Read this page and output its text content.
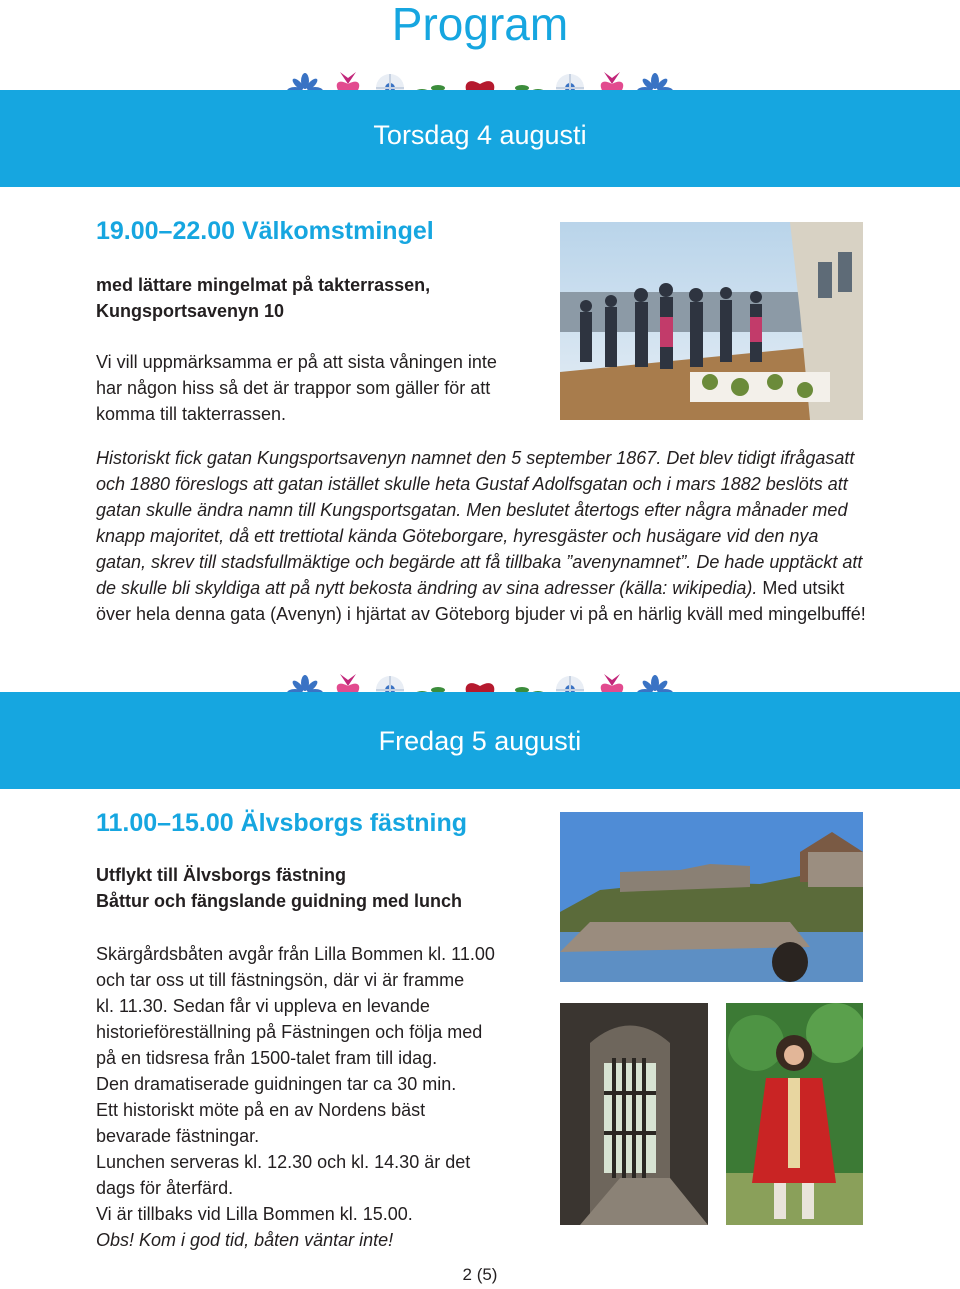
Program
Torsdag 4 augusti
19.00–22.00 Välkomstmingel

med lättare mingelmat på takterrassen,

Kungsportsavenyn 10

Vi vill uppmärksamma er på att sista våningen inte

har någon hiss så det är trappor som gäller för att

komma till takterrassen.

Historiskt fick gatan Kungsportsavenyn namnet den 5 september 1867. Det blev tidigt ifrågasatt och 1880 föreslogs att gatan istället skulle heta Gustaf Adolfsgatan och i mars 1882 beslöts att gatan skulle ändra namn till Kungsportsgatan. Men beslutet återtogs efter några månader med knapp majoritet, då ett trettiotal kända Göteborgare, hyresgäster och husägare vid den nya gatan, skrev till stadsfullmäktige och begärde att få tillbaka ”avenynamnet”. De hade upptäckt att de skulle bli skyldiga att på nytt bekosta ändring av sina adresser (källa: wikipedia). Med utsikt över hela denna gata (Avenyn) i hjärtat av Göteborg bjuder vi på en härlig kväll med mingelbuffé!
Fredag 5 augusti
11.00–15.00 Älvsborgs fästning

Utflykt till Älvsborgs fästning

Båttur och fängslande guidning med lunch

Skärgårdsbåten avgår från Lilla Bommen kl. 11.00

och tar oss ut till fästningsön, där vi är framme

kl. 11.30. Sedan får vi uppleva en levande

historieföreställning på Fästningen och följa med

på en tidsresa från 1500-talet fram till idag.

Den dramatiserade guidningen tar ca 30 min.

Ett historiskt möte på en av Nordens bäst

bevarade fästningar.

Lunchen serveras kl. 12.30 och kl. 14.30 är det

dags för återfärd.

Vi är tillbaks vid Lilla Bommen kl. 15.00.

Obs! Kom i god tid, båten väntar inte!

2 (5)
